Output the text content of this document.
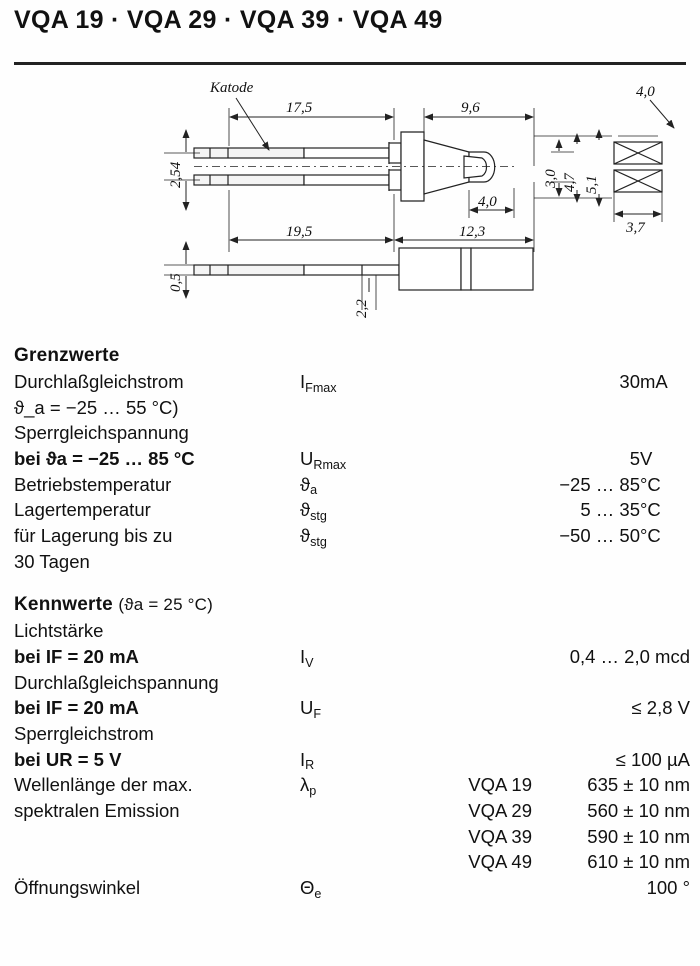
VQA 19 · VQA 29 · VQA 39 · VQA 49
Katode
17,5	9,6
4,0
19,5	12,3
4,0
3,7
2,54	3,0 4,7 5,1
0,5
2,2
Grenzwerte
Durchlaßgleichstrom	$I_{Fmax}$		30	mA
ϑ_a = −25 … 55 °C)				
Sperrgleichspannung				
bei ϑa = −25 … 85 °C	$U_{Rmax}$		5	V
Betriebstemperatur	$ϑ_a$		−25 … 85	°C
Lagertemperatur	$ϑ_{stg}$		5 … 35	°C
für Lagerung bis zu	$ϑ_{stg}$		−50 … 50	°C
30 Tagen				
Kennwerte (ϑa = 25 °C)
Lichtstärke				
bei IF = 20 mA	$I_V$		0,4 … 2,0 mcd	
Durchlaßgleichspannung				
bei IF = 20 mA	$U_F$		≤ 2,8 V	
Sperrgleichstrom				
bei UR = 5 V	$I_R$		≤ 100 µA	
Wellenlänge der max.	$\lambda_p$	VQA 19	635 ± 10 nm	
spektralen Emission		VQA 29	560 ± 10 nm	
		VQA 39	590 ± 10 nm	
		VQA 49	610 ± 10 nm	
Öffnungswinkel	$\Theta_e$		100 °	
